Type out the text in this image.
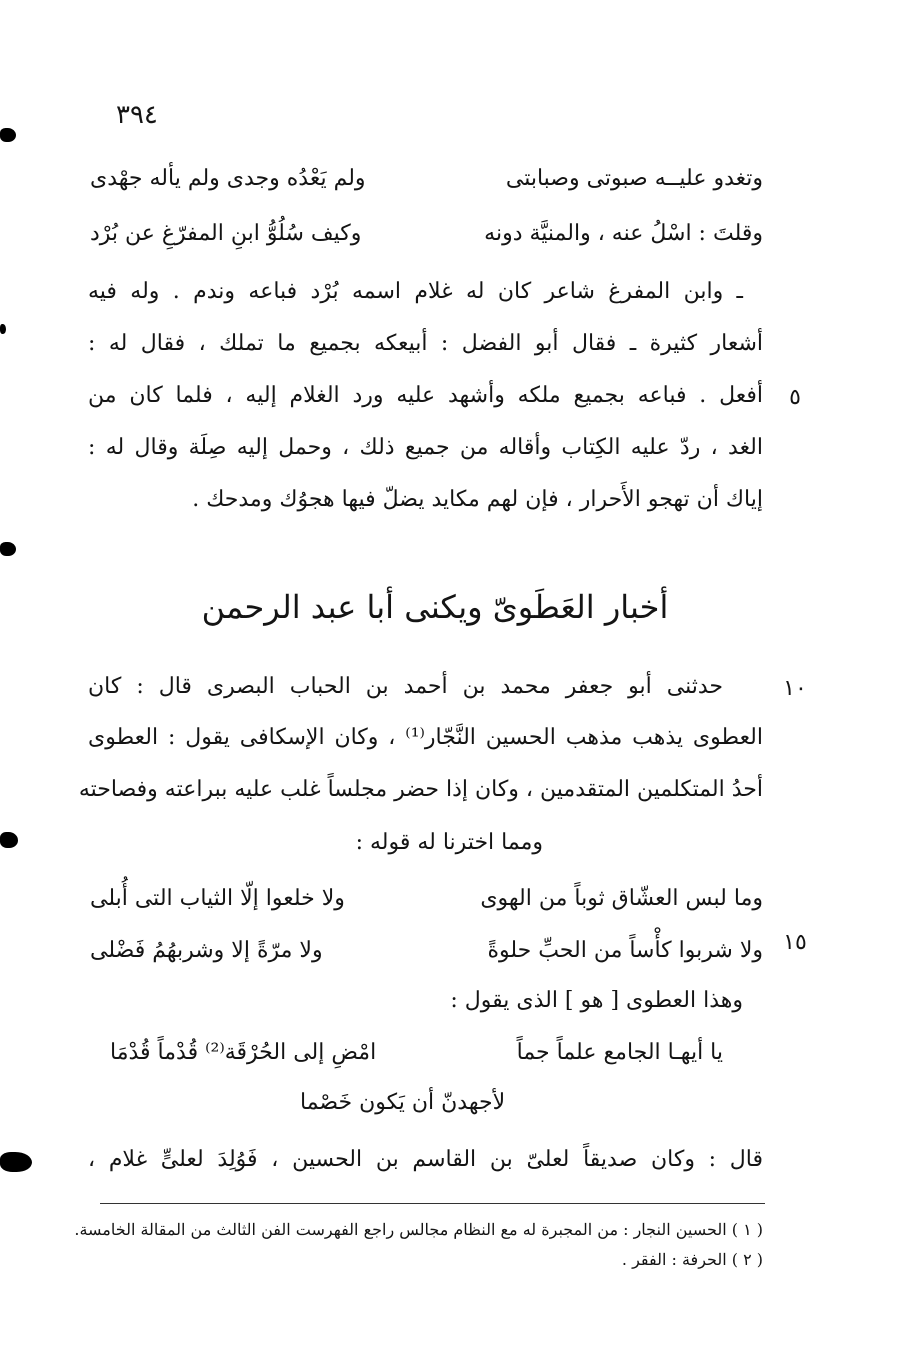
٣٩٤
وتغدو عليــه صبوتى وصبابتى
ولم يَعْدُه وجدى ولم يأله جهْدى
وقلتَ : اسْلُ عنه ، والمنيَّة دونه
وكيف سُلُوُّ ابنِ المفرّغِ عن بُرْد
ـ وابن المفرغ شاعر كان له غلام اسمه بُرْد فباعه وندم . وله فيه
أشعار كثيرة ـ فقال أبو الفضل : أبيعكه بجميع ما تملك ، فقال له :
٥
أفعل . فباعه بجميع ملكه وأشهد عليه ورد الغلام إليه ، فلما كان من
الغد ، ردّ عليه الكِتاب وأقاله من جميع ذلك ، وحمل إليه صِلَة وقال له :
إياك أن تهجو الأَحرار ، فإن لهم مكايد يضلّ فيها هجوُك ومدحك .
أخبار العَطَوىّ ويكنى أبا عبد الرحمن
١٠
حدثنى أبو جعفر محمد بن أحمد بن الحباب البصرى قال : كان
العطوى يذهب مذهب الحسين النَّجّار⁽¹⁾ ، وكان الإسكافى يقول : العطوى
أحدُ المتكلمين المتقدمين ، وكان إذا حضر مجلساً غلب عليه ببراعته وفصاحته
ومما اخترنا له قوله :
وما لبس العشّاق ثوباً من الهوى
ولا خلعوا إلّا الثياب التى أُبلى
١٥
ولا شربوا كأْساً من الحبِّ حلوةً
ولا مرّةً إلا وشربهُمُ فَضْلى
وهذا العطوى [ هو ] الذى يقول :
يا أيهـا الجامع علماً جماً
امْضِ إلى الحُرْقَة⁽²⁾ قُدْماً قُدْمَا
لأجهدنّ أن يَكون خَصْما
قال : وكان صديقاً لعلىّ بن القاسم بن الحسين ، فَوُلِدَ لعلىٍّ غلام ،
( ١ ) الحسين النجار : من المجبرة له مع النظام مجالس راجع الفهرست الفن الثالث من المقالة الخامسة.
( ٢ ) الحرفة : الفقر .
